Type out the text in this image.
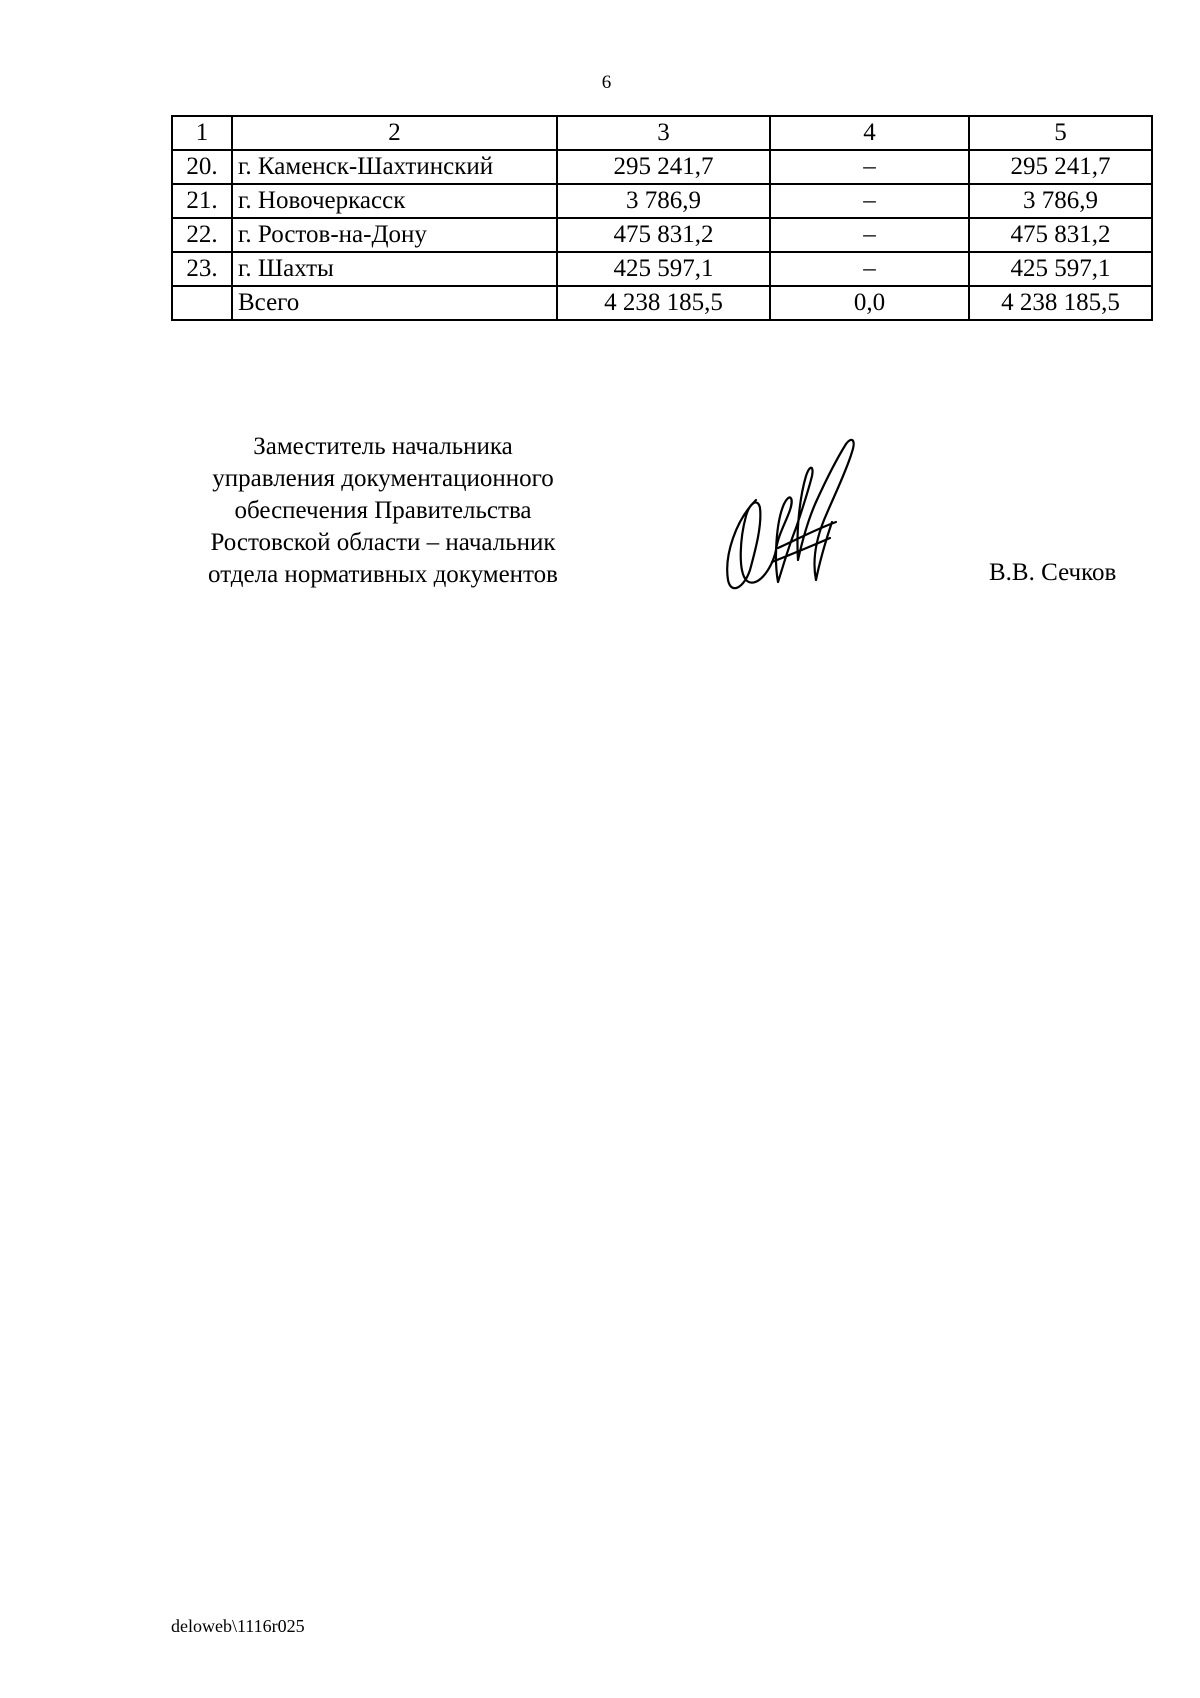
6
1	2	3	4	5
20.	г. Каменск-Шахтинский	295 241,7	–	295 241,7
21.	г. Новочеркасск	3 786,9	–	3 786,9
22.	г. Ростов-на-Дону	475 831,2	–	475 831,2
23.	г. Шахты	425 597,1	–	425 597,1
	Всего	4 238 185,5	0,0	4 238 185,5
Заместитель начальника
управления документационного
обеспечения Правительства
Ростовской области – начальник
отдела нормативных документов	В.В. Сечков
deloweb\1116r025
